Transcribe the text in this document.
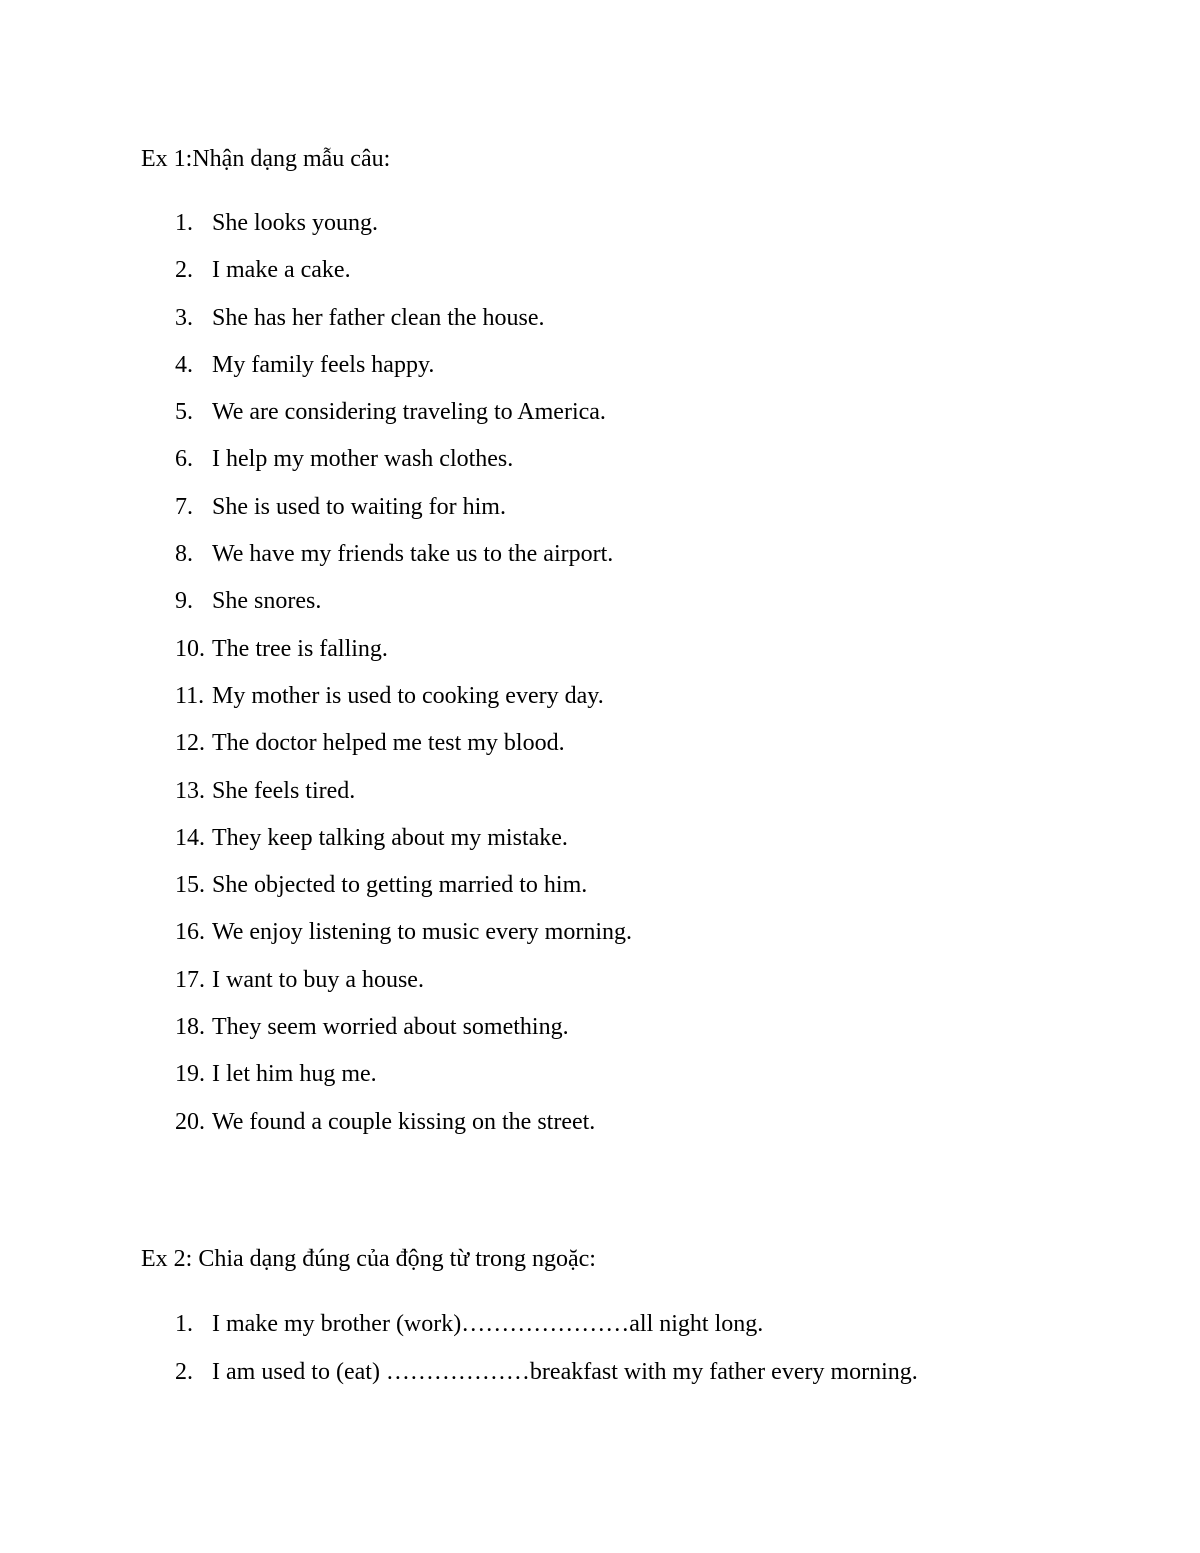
Ex 1:Nhận dạng mẫu câu:
1. She looks young.
2. I make a cake.
3. She has her father clean the house.
4. My family feels happy.
5. We are considering traveling to America.
6. I help my mother wash clothes.
7. She is used to waiting for him.
8. We have my friends take us to the airport.
9. She snores.
10. The tree is falling.
11. My mother is used to cooking every day.
12. The doctor helped me test my blood.
13. She feels tired.
14. They keep talking about my mistake.
15. She objected to getting married to him.
16. We enjoy listening to music every morning.
17. I want to buy a house.
18. They seem worried about something.
19. I let him hug me.
20. We found a couple kissing on the street.
Ex 2: Chia dạng đúng của động từ trong ngoặc:
1. I make my brother (work)…………………all night long.
2. I am used to (eat) ………………breakfast with my father every morning.
